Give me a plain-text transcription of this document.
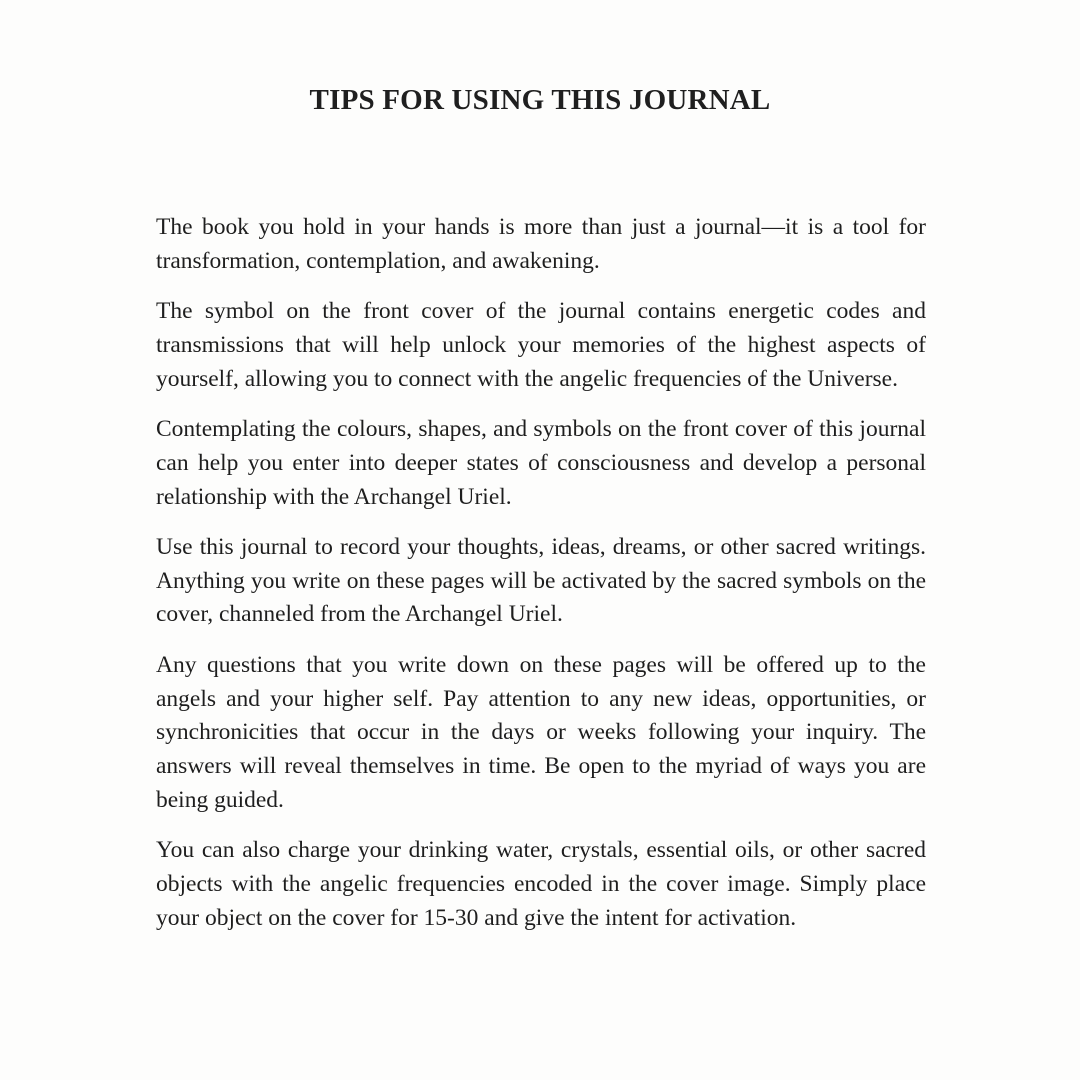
TIPS FOR USING THIS JOURNAL

The book you hold in your hands is more than just a journal—it is a tool for transformation, contemplation, and awakening.

The symbol on the front cover of the journal contains energetic codes and transmissions that will help unlock your memories of the highest aspects of yourself, allowing you to connect with the angelic frequencies of the Universe.

Contemplating the colours, shapes, and symbols on the front cover of this journal can help you enter into deeper states of consciousness and develop a personal relationship with the Archangel Uriel.

Use this journal to record your thoughts, ideas, dreams, or other sacred writings. Anything you write on these pages will be activated by the sacred symbols on the cover, channeled from the Archangel Uriel.

Any questions that you write down on these pages will be offered up to the angels and your higher self. Pay attention to any new ideas, opportunities, or synchronicities that occur in the days or weeks following your inquiry. The answers will reveal themselves in time. Be open to the myriad of ways you are being guided.

You can also charge your drinking water, crystals, essential oils, or other sacred objects with the angelic frequencies encoded in the cover image. Simply place your object on the cover for 15-30 and give the intent for activation.
